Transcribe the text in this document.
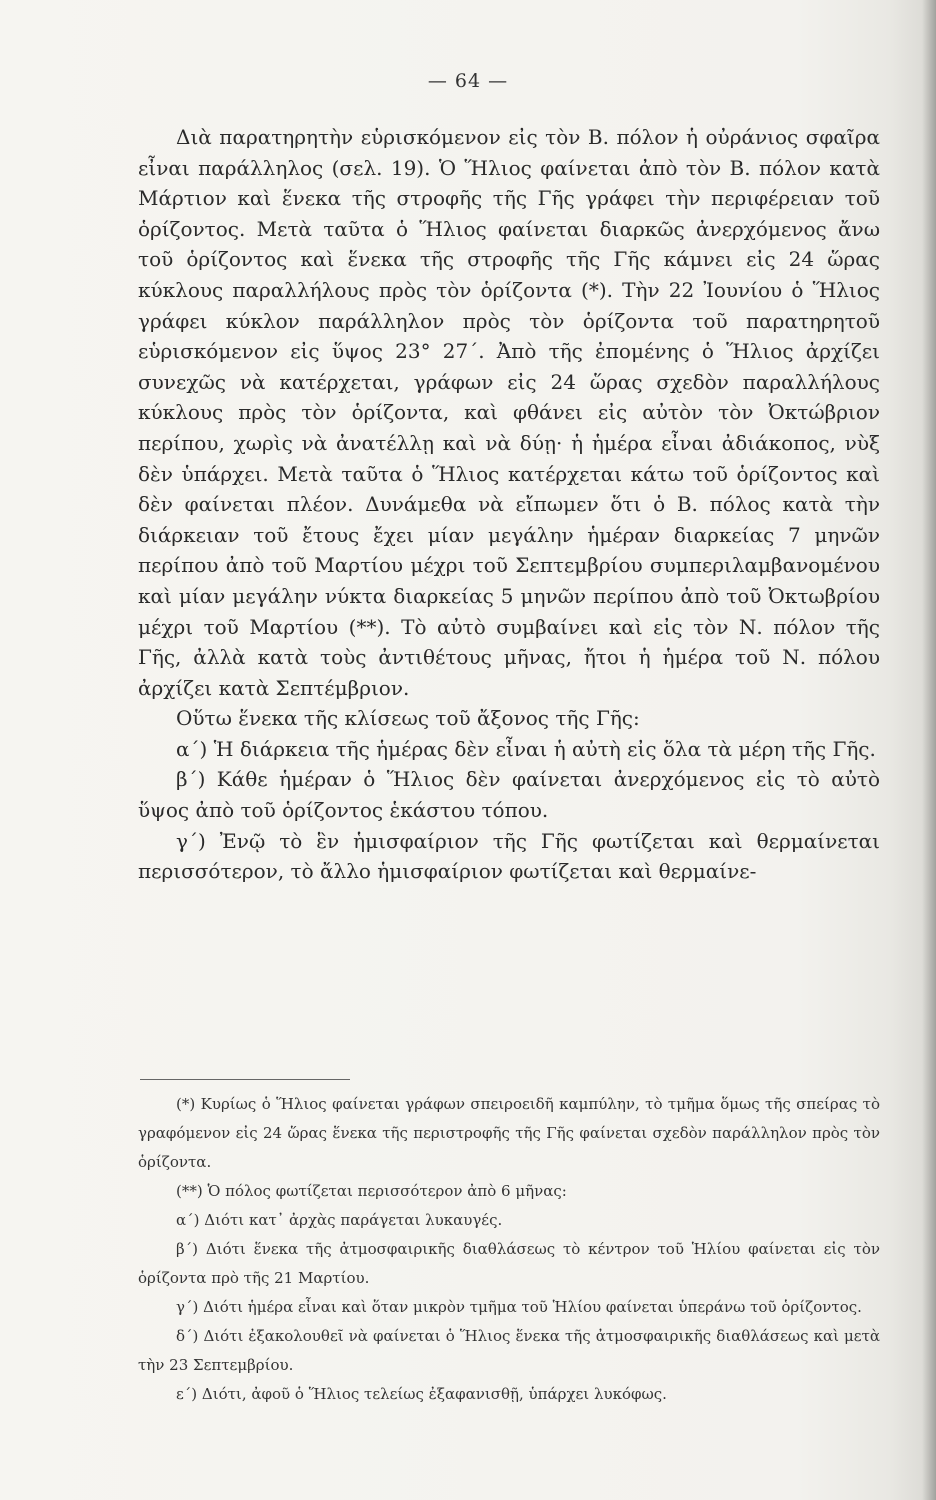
— 64 —

Διὰ παρατηρητὴν εὑρισκόμενον εἰς τὸν Β. πόλον ἡ οὐράνιος σφαῖρα εἶναι παράλληλος (σελ. 19). Ὁ Ἥλιος φαίνεται ἀπὸ τὸν Β. πόλον κατὰ Μάρτιον καὶ ἕνεκα τῆς στροφῆς τῆς Γῆς γράφει τὴν περιφέρειαν τοῦ ὁρίζοντος. Μετὰ ταῦτα ὁ Ἥλιος φαίνεται διαρκῶς ἀνερχόμενος ἄνω τοῦ ὁρίζοντος καὶ ἕνεκα τῆς στροφῆς τῆς Γῆς κάμνει εἰς 24 ὥρας κύκλους παραλλήλους πρὸς τὸν ὁρίζοντα (*). Τὴν 22 Ἰουνίου ὁ Ἥλιος γράφει κύκλον παράλληλον πρὸς τὸν ὁρίζοντα τοῦ παρατηρητοῦ εὑρισκόμενον εἰς ὕψος 23° 27΄. Ἀπὸ τῆς ἐπομένης ὁ Ἥλιος ἀρχίζει συνεχῶς νὰ κατέρχεται, γράφων εἰς 24 ὥρας σχεδὸν παραλλήλους κύκλους πρὸς τὸν ὁρίζοντα, καὶ φθάνει εἰς αὐτὸν τὸν Ὀκτώβριον περίπου, χωρὶς νὰ ἀνατέλλῃ καὶ νὰ δύῃ· ἡ ἡμέρα εἶναι ἀδιάκοπος, νὺξ δὲν ὑπάρχει. Μετὰ ταῦτα ὁ Ἥλιος κατέρχεται κάτω τοῦ ὁρίζοντος καὶ δὲν φαίνεται πλέον. Δυνάμεθα νὰ εἴπωμεν ὅτι ὁ Β. πόλος κατὰ τὴν διάρκειαν τοῦ ἔτους ἔχει μίαν μεγάλην ἡμέραν διαρκείας 7 μηνῶν περίπου ἀπὸ τοῦ Μαρτίου μέχρι τοῦ Σεπτεμβρίου συμπεριλαμβανομένου καὶ μίαν μεγάλην νύκτα διαρκείας 5 μηνῶν περίπου ἀπὸ τοῦ Ὀκτωβρίου μέχρι τοῦ Μαρτίου (**). Τὸ αὐτὸ συμβαίνει καὶ εἰς τὸν Ν. πόλον τῆς Γῆς, ἀλλὰ κατὰ τοὺς ἀντιθέτους μῆνας, ἤτοι ἡ ἡμέρα τοῦ Ν. πόλου ἀρχίζει κατὰ Σεπτέμβριον.

Οὕτω ἕνεκα τῆς κλίσεως τοῦ ἄξονος τῆς Γῆς:

α΄) Ἡ διάρκεια τῆς ἡμέρας δὲν εἶναι ἡ αὐτὴ εἰς ὅλα τὰ μέρη τῆς Γῆς.

β΄) Κάθε ἡμέραν ὁ Ἥλιος δὲν φαίνεται ἀνερχόμενος εἰς τὸ αὐτὸ ὕψος ἀπὸ τοῦ ὁρίζοντος ἑκάστου τόπου.

γ΄) Ἐνῷ τὸ ἓν ἡμισφαίριον τῆς Γῆς φωτίζεται καὶ θερμαίνεται περισσότερον, τὸ ἄλλο ἡμισφαίριον φωτίζεται καὶ θερμαίνε-

(*) Κυρίως ὁ Ἥλιος φαίνεται γράφων σπειροειδῆ καμπύλην, τὸ τμῆμα ὅμως τῆς σπείρας τὸ γραφόμενον εἰς 24 ὥρας ἕνεκα τῆς περιστροφῆς τῆς Γῆς φαίνεται σχεδὸν παράλληλον πρὸς τὸν ὁρίζοντα.

(**) Ὁ πόλος φωτίζεται περισσότερον ἀπὸ 6 μῆνας:

α΄) Διότι κατ᾽ ἀρχὰς παράγεται λυκαυγές.

β΄) Διότι ἕνεκα τῆς ἀτμοσφαιρικῆς διαθλάσεως τὸ κέντρον τοῦ Ἡλίου φαίνεται εἰς τὸν ὁρίζοντα πρὸ τῆς 21 Μαρτίου.

γ΄) Διότι ἡμέρα εἶναι καὶ ὅταν μικρὸν τμῆμα τοῦ Ἡλίου φαίνεται ὑπεράνω τοῦ ὁρίζοντος.

δ΄) Διότι ἐξακολουθεῖ νὰ φαίνεται ὁ Ἥλιος ἕνεκα τῆς ἀτμοσφαιρικῆς διαθλάσεως καὶ μετὰ τὴν 23 Σεπτεμβρίου.

ε΄) Διότι, ἀφοῦ ὁ Ἥλιος τελείως ἐξαφανισθῇ, ὑπάρχει λυκόφως.
